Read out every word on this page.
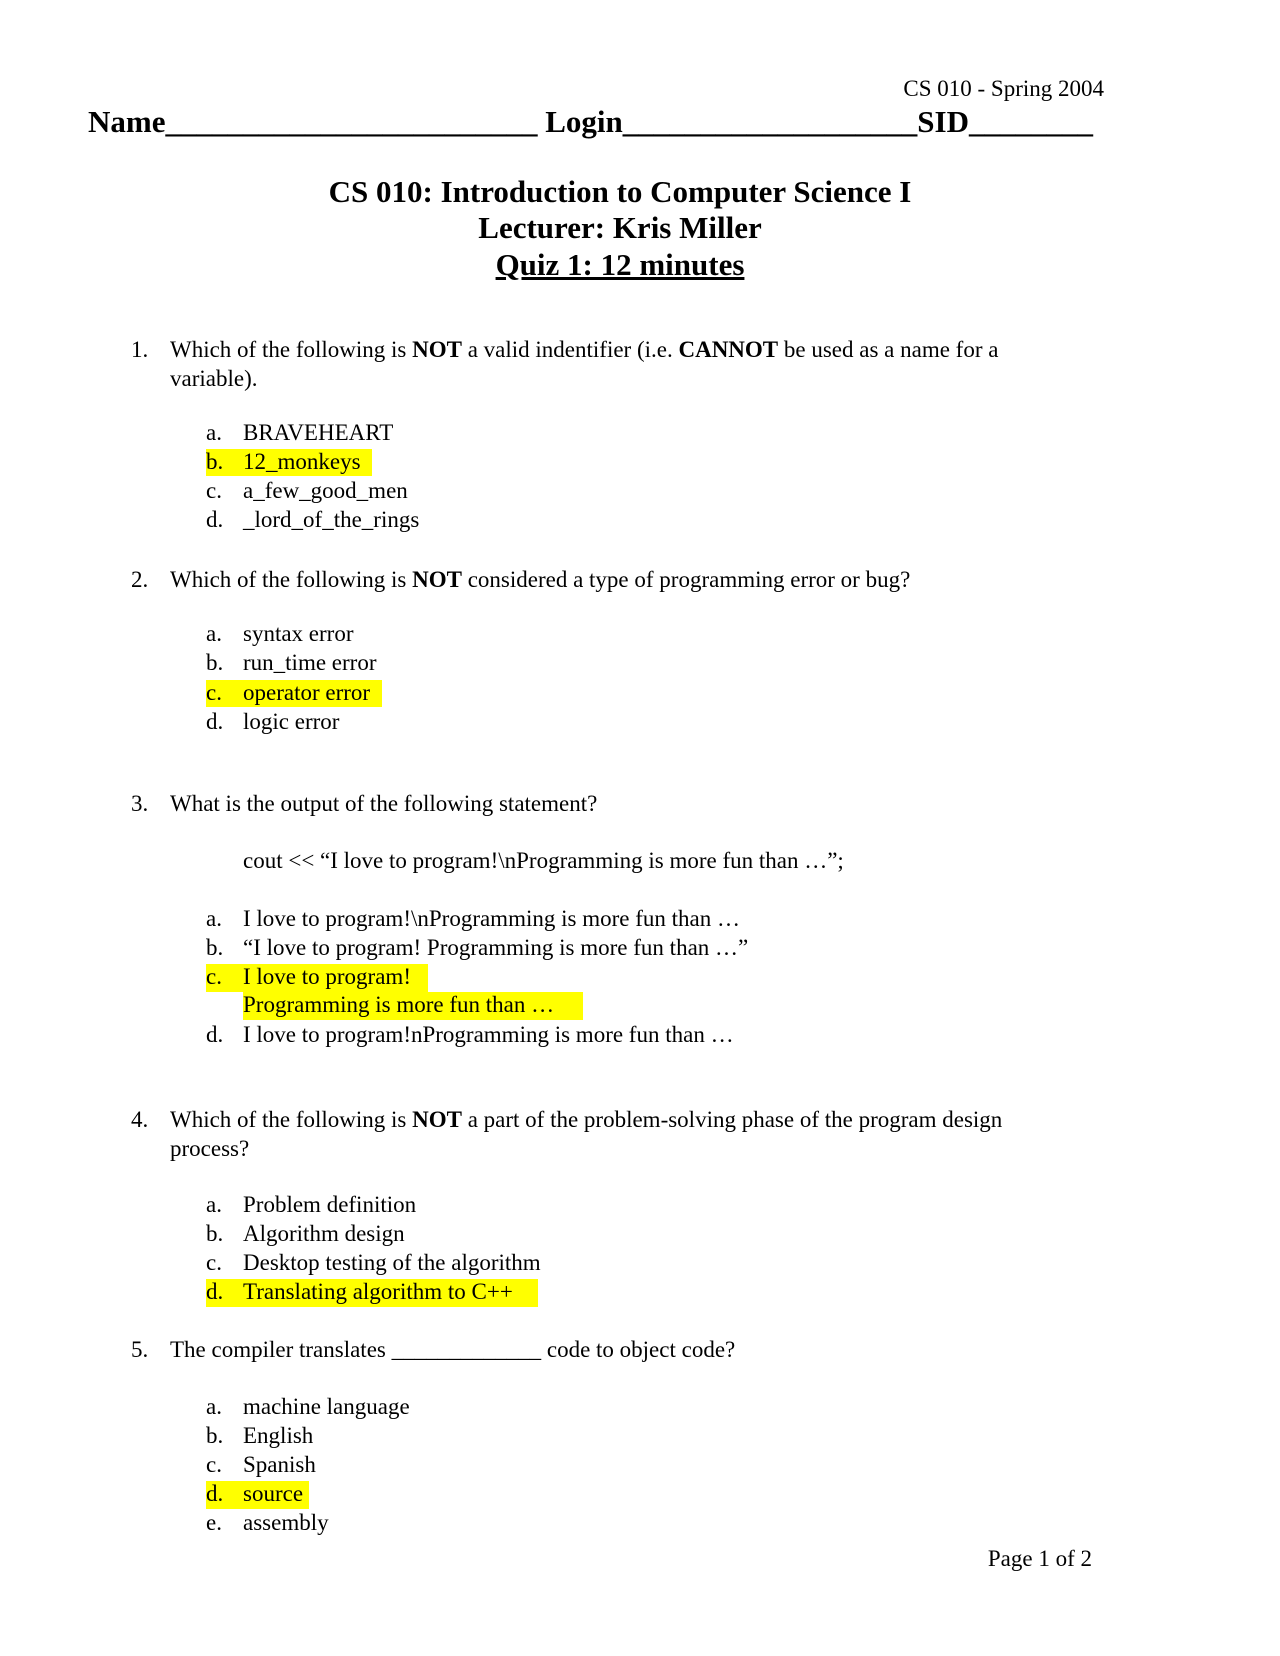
CS 010 - Spring 2004
Name________________________ Login___________________SID________
CS 010: Introduction to Computer Science I
Lecturer: Kris Miller
Quiz 1: 12 minutes
1. Which of the following is NOT a valid indentifier (i.e. CANNOT be used as a name for a
variable).
a. BRAVEHEART
b. 12_monkeys
c. a_few_good_men
d. _lord_of_the_rings
2. Which of the following is NOT considered a type of programming error or bug?
a. syntax error
b. run_time error
c. operator error
d. logic error
3. What is the output of the following statement?
cout << “I love to program!\nProgramming is more fun than …”;
a. I love to program!\nProgramming is more fun than …
b. “I love to program! Programming is more fun than …”
c. I love to program!
Programming is more fun than …
d. I love to program!nProgramming is more fun than …
4. Which of the following is NOT a part of the problem-solving phase of the program design
process?
a. Problem definition
b. Algorithm design
c. Desktop testing of the algorithm
d. Translating algorithm to C++
5. The compiler translates _____________ code to object code?
a. machine language
b. English
c. Spanish
d. source
e. assembly
Page 1 of 2
